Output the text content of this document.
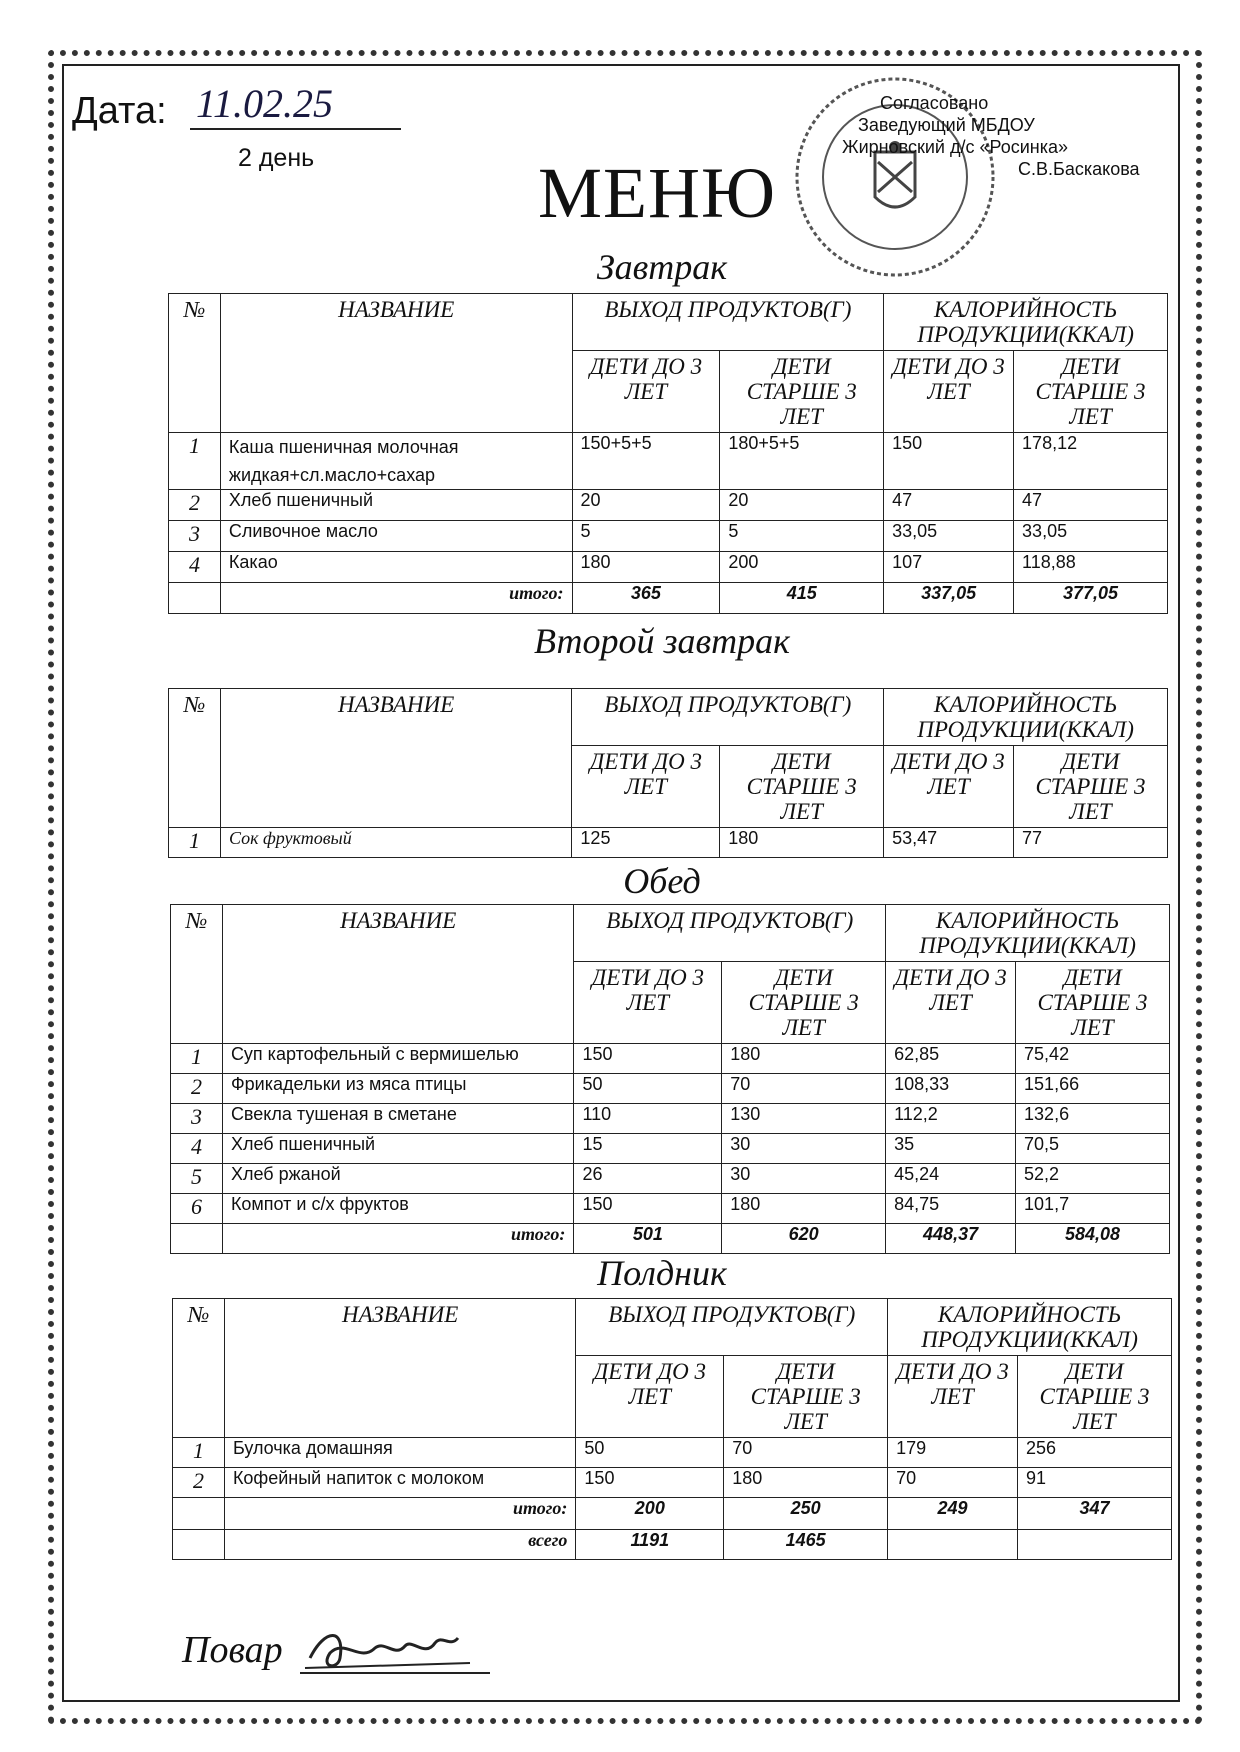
Дата: 11.02.25
2 день	МЕНЮ
Согласовано
Заведующий МБДОУ
Жирновский д/с «Росинка»
С.В.Баскакова
Завтрак
№	НАЗВАНИЕ	ВЫХОД ПРОДУКТОВ(Г)		КАЛОРИЙНОСТЬ ПРОДУКЦИИ(ККАЛ)	
		ДЕТИ ДО 3 ЛЕТ	ДЕТИ СТАРШЕ 3 ЛЕТ	ДЕТИ ДО 3 ЛЕТ	ДЕТИ СТАРШЕ 3 ЛЕТ
1	Каша пшеничная молочная жидкая+сл.масло+сахар	150+5+5	180+5+5	150	178,12
2	Хлеб пшеничный	20	20	47	47
3	Сливочное масло	5	5	33,05	33,05
4	Какао	180	200	107	118,88
	итого:	365	415	337,05	377,05
Второй завтрак
№	НАЗВАНИЕ	ВЫХОД ПРОДУКТОВ(Г)		КАЛОРИЙНОСТЬ ПРОДУКЦИИ(ККАЛ)	
		ДЕТИ ДО 3 ЛЕТ	ДЕТИ СТАРШЕ 3 ЛЕТ	ДЕТИ ДО 3 ЛЕТ	ДЕТИ СТАРШЕ 3 ЛЕТ
1	Сок фруктовый	125	180	53,47	77
Обед
№	НАЗВАНИЕ	ВЫХОД ПРОДУКТОВ(Г)		КАЛОРИЙНОСТЬ ПРОДУКЦИИ(ККАЛ)	
		ДЕТИ ДО 3 ЛЕТ	ДЕТИ СТАРШЕ 3 ЛЕТ	ДЕТИ ДО 3 ЛЕТ	ДЕТИ СТАРШЕ 3 ЛЕТ
1	Суп картофельный с вермишелью	150	180	62,85	75,42
2	Фрикадельки из мяса птицы	50	70	108,33	151,66
3	Свекла тушеная в сметане	110	130	112,2	132,6
4	Хлеб пшеничный	15	30	35	70,5
5	Хлеб ржаной	26	30	45,24	52,2
6	Компот и с/х фруктов	150	180	84,75	101,7
	итого:	501	620	448,37	584,08
Полдник
№	НАЗВАНИЕ	ВЫХОД ПРОДУКТОВ(Г)		КАЛОРИЙНОСТЬ ПРОДУКЦИИ(ККАЛ)	
		ДЕТИ ДО 3 ЛЕТ	ДЕТИ СТАРШЕ 3 ЛЕТ	ДЕТИ ДО 3 ЛЕТ	ДЕТИ СТАРШЕ 3 ЛЕТ
1	Булочка домашняя	50	70	179	256
2	Кофейный напиток с молоком	150	180	70	91
	итого:	200	250	249	347
	всего	1191	1465		
Повар
